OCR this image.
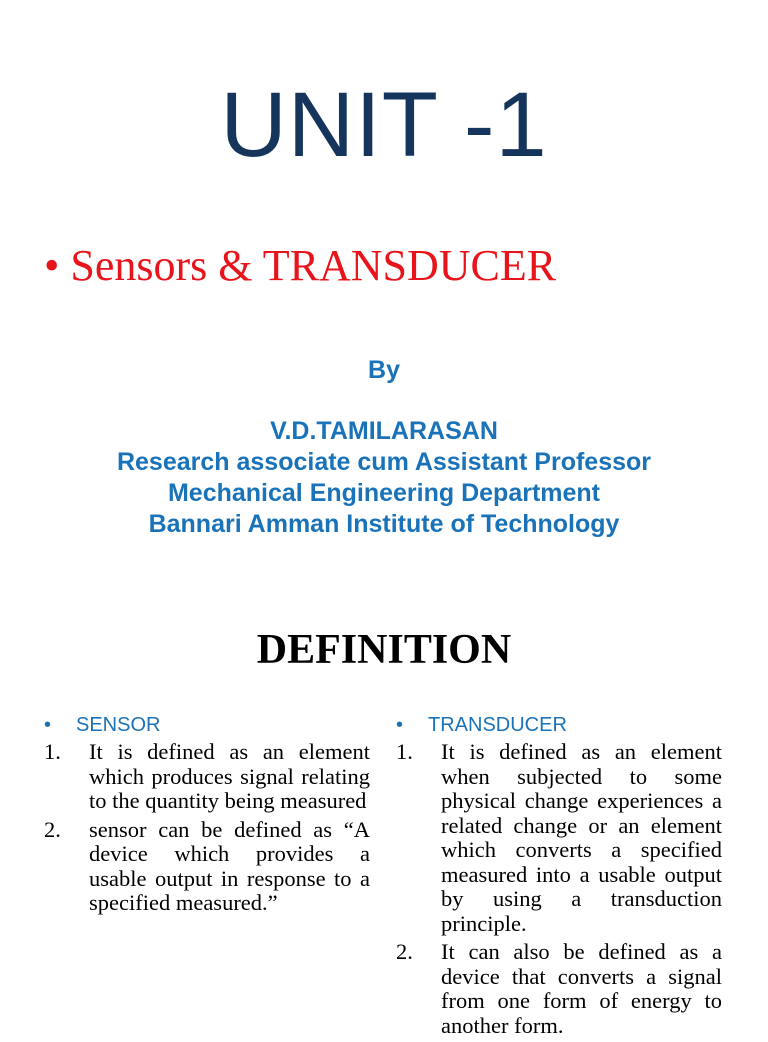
UNIT -1
• Sensors & TRANSDUCER
By
V.D.TAMILARASAN
Research associate cum Assistant Professor
Mechanical Engineering Department
Bannari Amman Institute of Technology
DEFINITION
• SENSOR
1.	It is defined as an element which produces signal relating to the quantity being measured
2.	sensor can be defined as “A device which provides a usable output in response to a specified measured.”
• TRANSDUCER
1.	It is defined as an element when subjected to some physical change experiences a related change or an element which converts a specified measured into a usable output by using a transduction principle.
2.	It can also be defined as a device that converts a signal from one form of energy to another form.
